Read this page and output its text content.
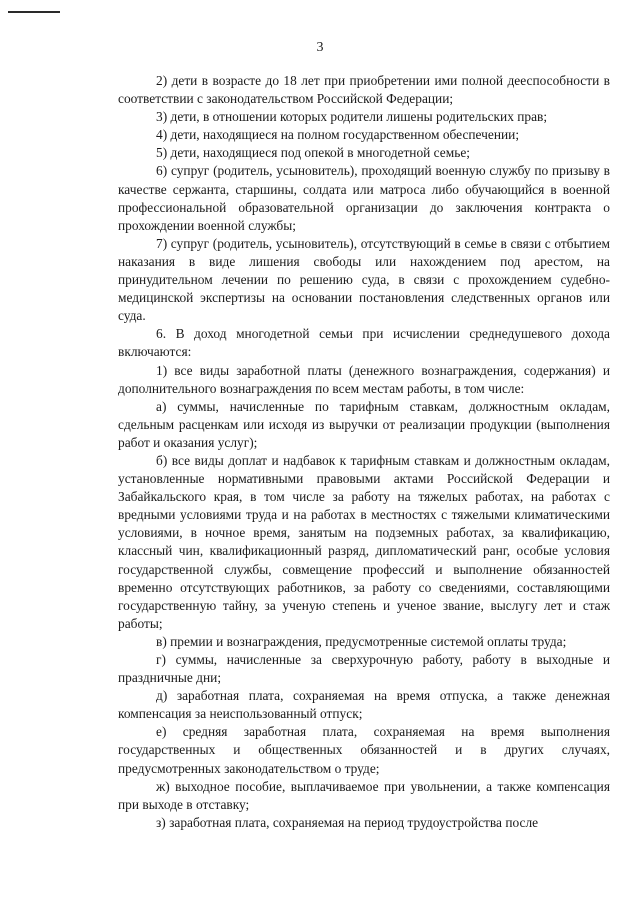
3

2) дети в возрасте до 18 лет при приобретении ими полной дееспособности в соответствии с законодательством Российской Федерации;

3) дети, в отношении которых родители лишены родительских прав;

4) дети, находящиеся на полном государственном обеспечении;

5) дети, находящиеся под опекой в многодетной семье;

6) супруг (родитель, усыновитель), проходящий военную службу по призыву в качестве сержанта, старшины, солдата или матроса либо обучающийся в военной профессиональной образовательной организации до заключения контракта о прохождении военной службы;

7) супруг (родитель, усыновитель), отсутствующий в семье в связи с отбытием наказания в виде лишения свободы или нахождением под арестом, на принудительном лечении по решению суда, в связи с прохождением судебно-медицинской экспертизы на основании постановления следственных органов или суда.

6. В доход многодетной семьи при исчислении среднедушевого дохода включаются:

1) все виды заработной платы (денежного вознаграждения, содержания) и дополнительного вознаграждения по всем местам работы, в том числе:

а) суммы, начисленные по тарифным ставкам, должностным окладам, сдельным расценкам или исходя из выручки от реализации продукции (выполнения работ и оказания услуг);

б) все виды доплат и надбавок к тарифным ставкам и должностным окладам, установленные нормативными правовыми актами Российской Федерации и Забайкальского края, в том числе за работу на тяжелых работах, на работах с вредными условиями труда и на работах в местностях с тяжелыми климатическими условиями, в ночное время, занятым на подземных работах, за квалификацию, классный чин, квалификационный разряд, дипломатический ранг, особые условия государственной службы, совмещение профессий и выполнение обязанностей временно отсутствующих работников, за работу со сведениями, составляющими государственную тайну, за ученую степень и ученое звание, выслугу лет и стаж работы;

в) премии и вознаграждения, предусмотренные системой оплаты труда;

г) суммы, начисленные за сверхурочную работу, работу в выходные и праздничные дни;

д) заработная плата, сохраняемая на время отпуска, а также денежная компенсация за неиспользованный отпуск;

е) средняя заработная плата, сохраняемая на время выполнения государственных и общественных обязанностей и в других случаях, предусмотренных законодательством о труде;

ж) выходное пособие, выплачиваемое при увольнении, а также компенсация при выходе в отставку;

з) заработная плата, сохраняемая на период трудоустройства после
